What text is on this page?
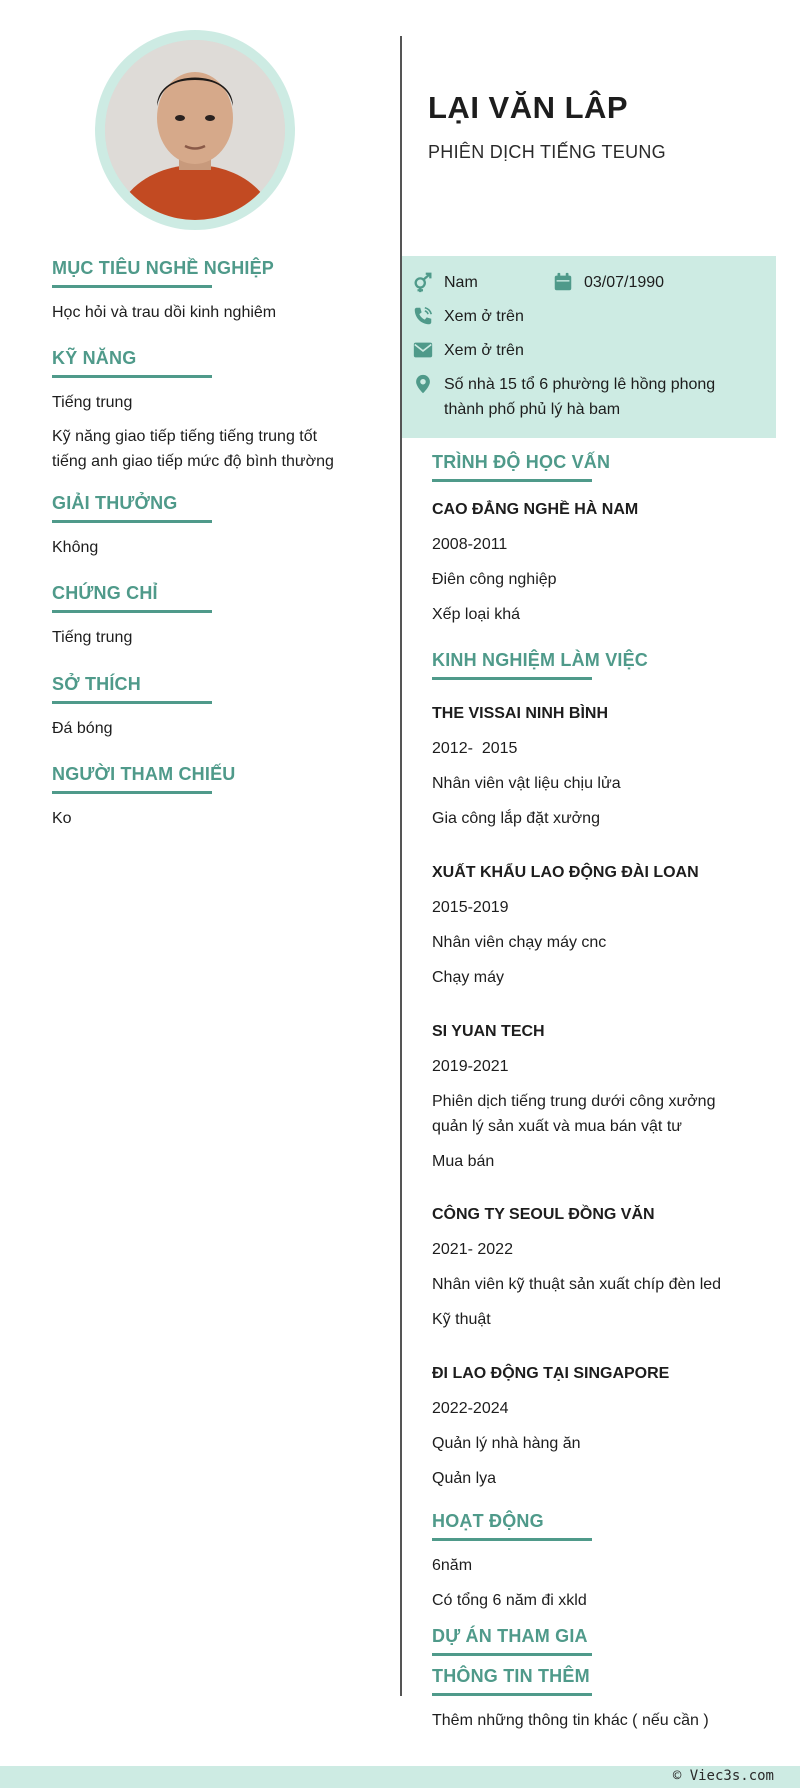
MỤC TIÊU NGHỀ NGHIỆP
Học hỏi và trau dồi kinh nghiêm
KỸ NĂNG
Tiếng trung
Kỹ năng giao tiếp tiếng tiếng trung tốt
tiếng anh giao tiếp mức độ bình thường
GIẢI THƯỞNG
Không
CHỨNG CHỈ
Tiếng trung
SỞ THÍCH
Đá bóng
NGƯỜI THAM CHIẾU
Ko
LẠI VĂN LÂP
PHIÊN DỊCH TIẾNG TEUNG
Nam	03/07/1990
Xem ở trên
Xem ở trên
Số nhà 15 tổ 6 phường lê hồng phong
thành phố phủ lý hà bam
TRÌNH ĐỘ HỌC VẤN
CAO ĐẲNG NGHỀ HÀ NAM
2008-2011
Điên công nghiệp
Xếp loại khá
KINH NGHIỆM LÀM VIỆC
THE VISSAI NINH BÌNH
2012-  2015
Nhân viên vật liệu chịu lửa
Gia công lắp đặt xưởng
XUẤT KHẨU LAO ĐỘNG ĐÀI LOAN
2015-2019
Nhân viên chạy máy cnc
Chạy máy
SI YUAN TECH
2019-2021
Phiên dịch tiếng trung dưới công xưởng
quản lý sản xuất và mua bán vật tư
Mua bán
CÔNG TY SEOUL ĐỒNG VĂN
2021- 2022
Nhân viên kỹ thuật sản xuất chíp đèn led
Kỹ thuật
ĐI LAO ĐỘNG TẠI SINGAPORE
2022-2024
Quản lý nhà hàng ăn
Quản lya
HOẠT ĐỘNG
6năm
Có tổng 6 năm đi xkld
DỰ ÁN THAM GIA
THÔNG TIN THÊM
Thêm những thông tin khác ( nếu cần )
© Viec3s.com
